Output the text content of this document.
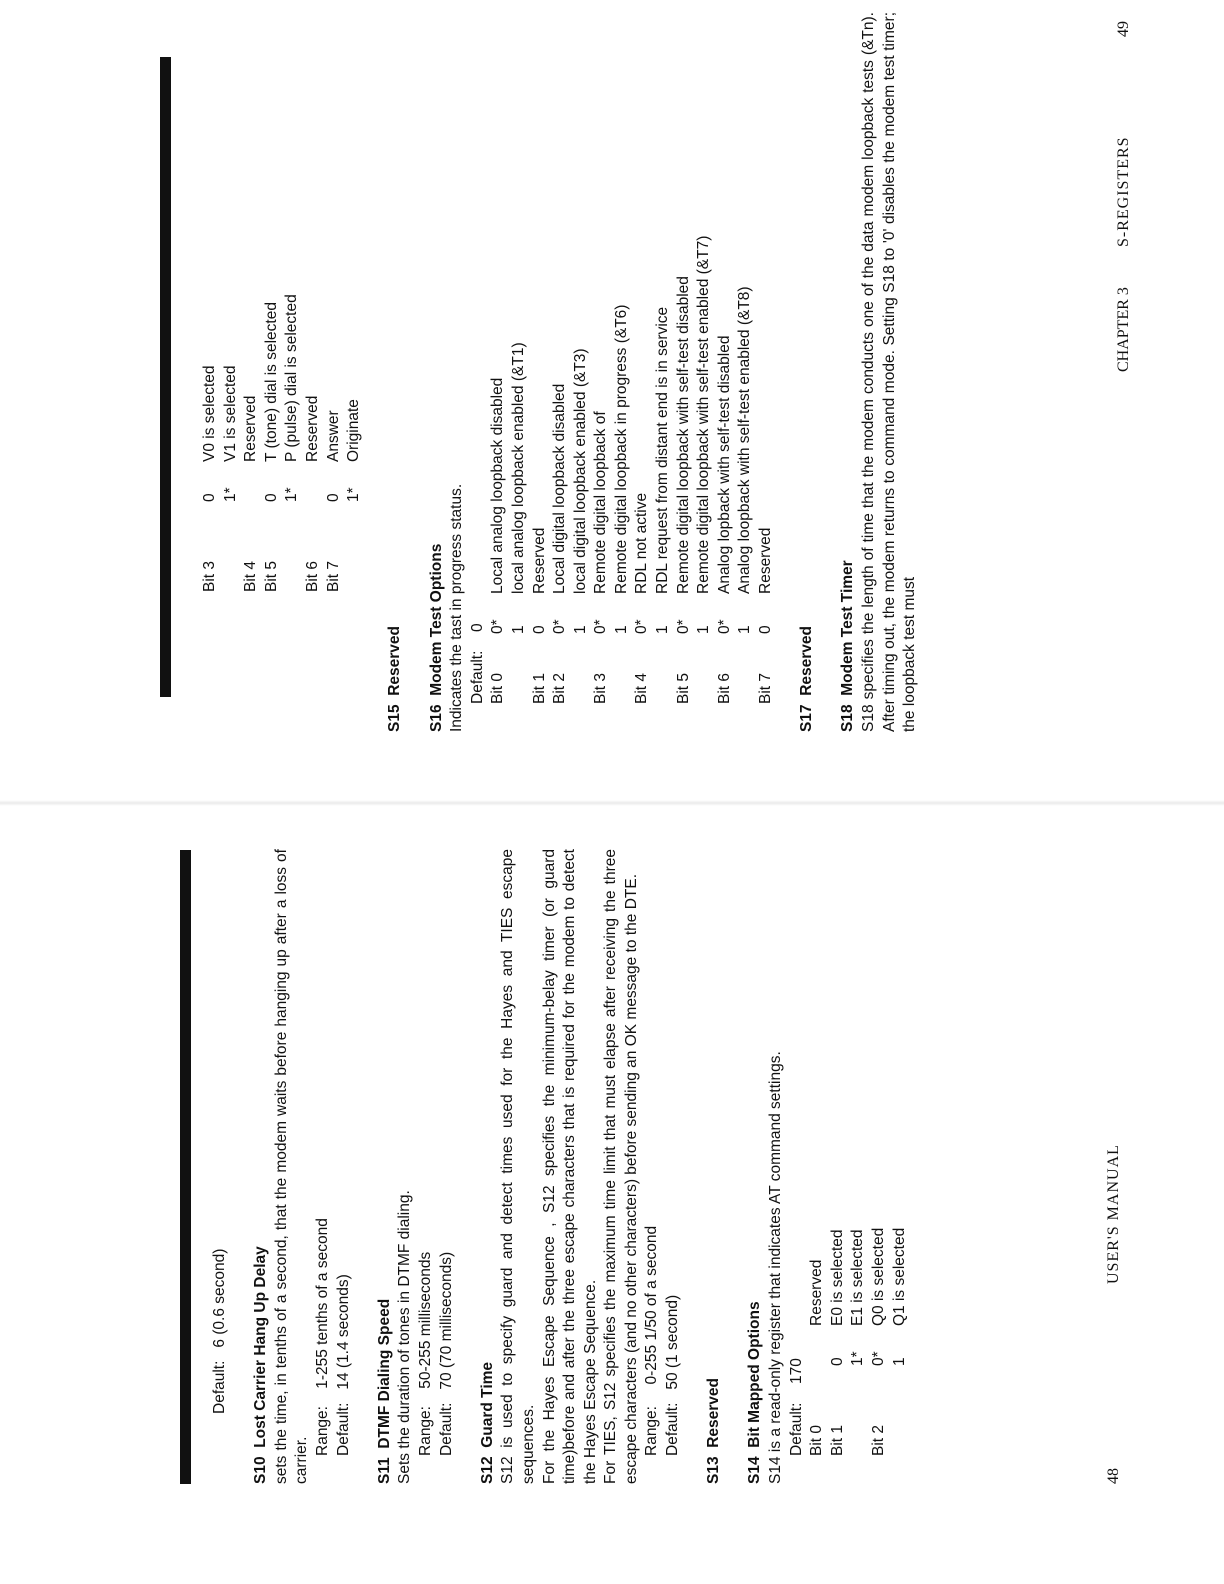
Default:   6 (0.6 second) S10  Lost Carrier Hang Up Delay sets the time, in tenths of a second, that the modem waits before hanging up after a loss of carrier.
Range:    1-255 tenths of a second Default:   14 (1.4 seconds) S11  DTMF Dialing Speed Sets the duration of tones in DTMF dialing. Range:    50-255 milliseconds Default:   70 (70 milliseconds) S12  Guard Time S12 is used to specify guard and detect times used for the Hayes and TIES escape sequences. For the Hayes Escape Sequence , S12 specifies the minimum-belay timer (or guard time)before and after the three escape characters that is required for the modem to detect the Hayes Escape Sequence. For TIES, S12 specifies the maximum time limit that must elapse after receiving the three escape characters (and no other characters) before sending an OK message to the DTE. Range:     0-255 1/50 of a second Default:   50 (1 second) S13  Reserved S14  Bit Mapped Options S14 is a read-only register that indicates AT command settings. Default:
170
Bit 0
Reserved
Bit 1
0
E0 is selected
1*
E1 is selected
Bit 2
0*
Q0 is selected
1
Q1 is selected
48
USER'S MANUAL
Bit 3
0
V0 is selected
1*
V1 is selected
Bit 4
Reserved
Bit 5
0
T (tone) dial is selected
1*
P (pulse) dial is selected
Bit 6
Reserved
Bit 7
0
Answer
1*
Originate
S15  Reserved S16  Modem Test Options Indicates the tast in progress status. Default:
0
Bit 0
0*
Local analog loopback disabled
1
local analog loopback enabled (&T1)
Bit 1
0
Reserved
Bit 2
0*
Local digital loopback disabled
1
local digital loopback enabled (&T3)
Bit 3
0*
Remote digital loopback of
1
Remote digital loopback in progress (&T6)
Bit 4
0*
RDL not active
1
RDL request from distant end is in service
Bit 5
0*
Remote digital loopback with self-test disabled
1
Remote digital loopback with self-test enabled (&T7)
Bit 6
0*
Analog lopback with self-test disabled
1
Analog loopback with self-test enabled (&T8)
Bit 7
0
Reserved
S17  Reserved S18  Modem Test Timer S18 specifies the length of time that the modem conducts one of the data modem loopback tests (&Tn). After timing out, the modem returns to command mode. Setting S18 to '0' disables the modem test timer; the loopback test must
CHAPTER 3
S-REGISTERS
49
